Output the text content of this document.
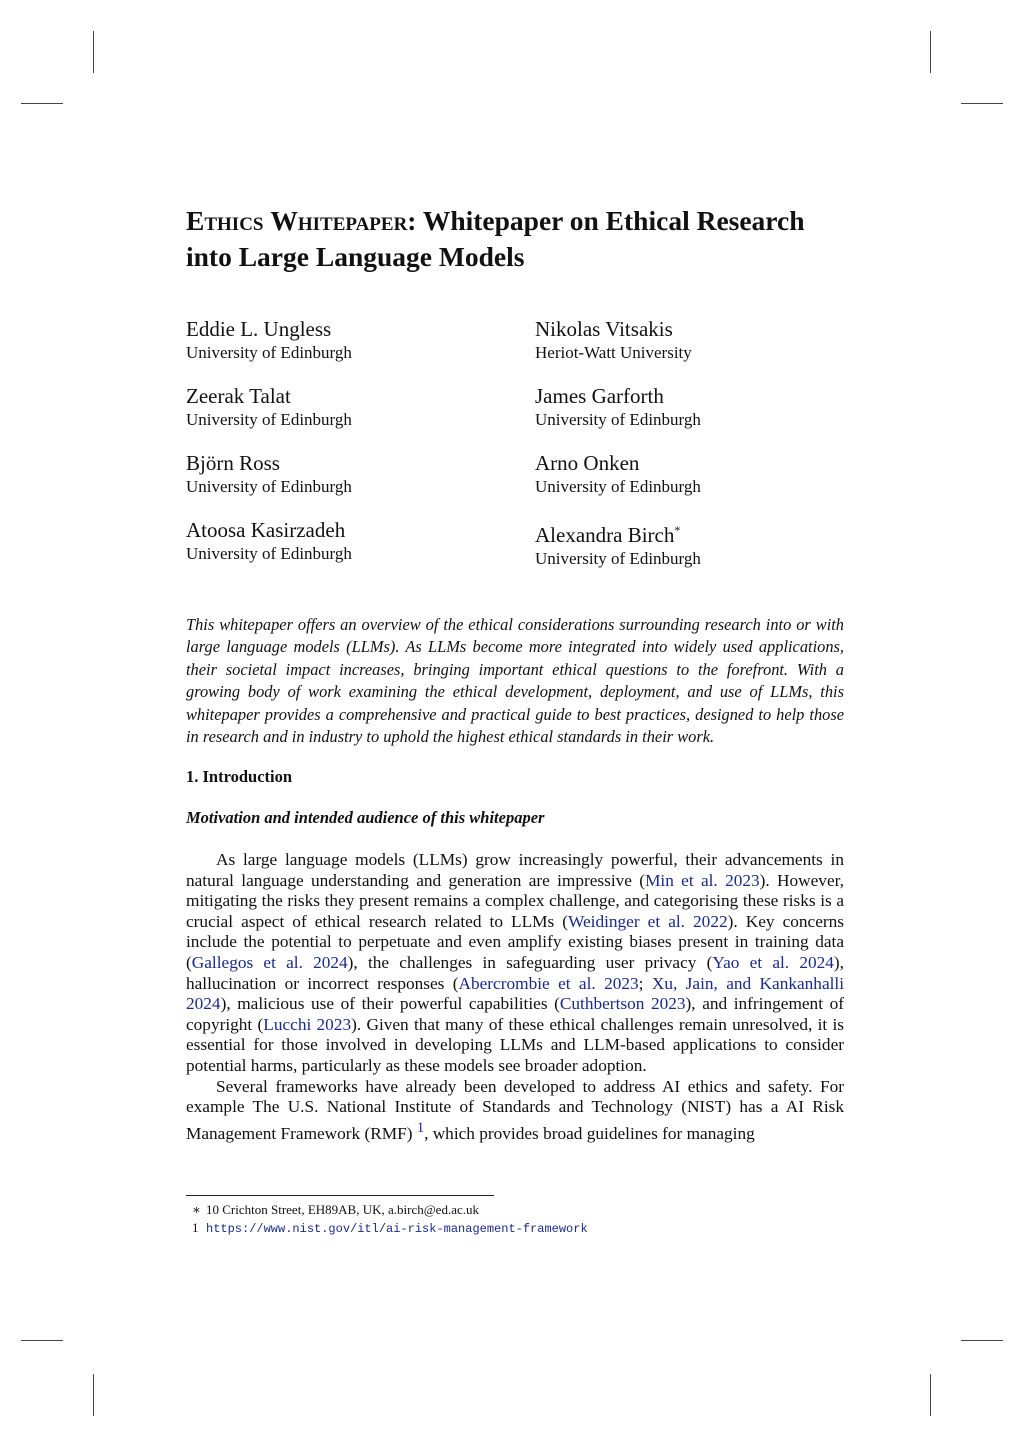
Ethics Whitepaper: Whitepaper on Ethical Research into Large Language Models
Eddie L. Ungless
University of Edinburgh
Nikolas Vitsakis
Heriot-Watt University
Zeerak Talat
University of Edinburgh
James Garforth
University of Edinburgh
Björn Ross
University of Edinburgh
Arno Onken
University of Edinburgh
Atoosa Kasirzadeh
University of Edinburgh
Alexandra Birch*
University of Edinburgh

This whitepaper offers an overview of the ethical considerations surrounding research into or with large language models (LLMs). As LLMs become more integrated into widely used applications, their societal impact increases, bringing important ethical questions to the forefront. With a growing body of work examining the ethical development, deployment, and use of LLMs, this whitepaper provides a comprehensive and practical guide to best practices, designed to help those in research and in industry to uphold the highest ethical standards in their work.

1. Introduction
Motivation and intended audience of this whitepaper

As large language models (LLMs) grow increasingly powerful, their advancements in natural language understanding and generation are impressive (Min et al. 2023). However, mitigating the risks they present remains a complex challenge, and categorising these risks is a crucial aspect of ethical research related to LLMs (Weidinger et al. 2022). Key concerns include the potential to perpetuate and even amplify existing biases present in training data (Gallegos et al. 2024), the challenges in safeguarding user privacy (Yao et al. 2024), hallucination or incorrect responses (Abercrombie et al. 2023; Xu, Jain, and Kankanhalli 2024), malicious use of their powerful capabilities (Cuthbertson 2023), and infringement of copyright (Lucchi 2023). Given that many of these ethical challenges remain unresolved, it is essential for those involved in developing LLMs and LLM-based applications to consider potential harms, particularly as these models see broader adoption.

Several frameworks have already been developed to address AI ethics and safety. For example The U.S. National Institute of Standards and Technology (NIST) has a AI Risk Management Framework (RMF) $^1$, which provides broad guidelines for managing

∗ 10 Crichton Street, EH89AB, UK, a.birch@ed.ac.uk
1 https://www.nist.gov/itl/ai-risk-management-framework
